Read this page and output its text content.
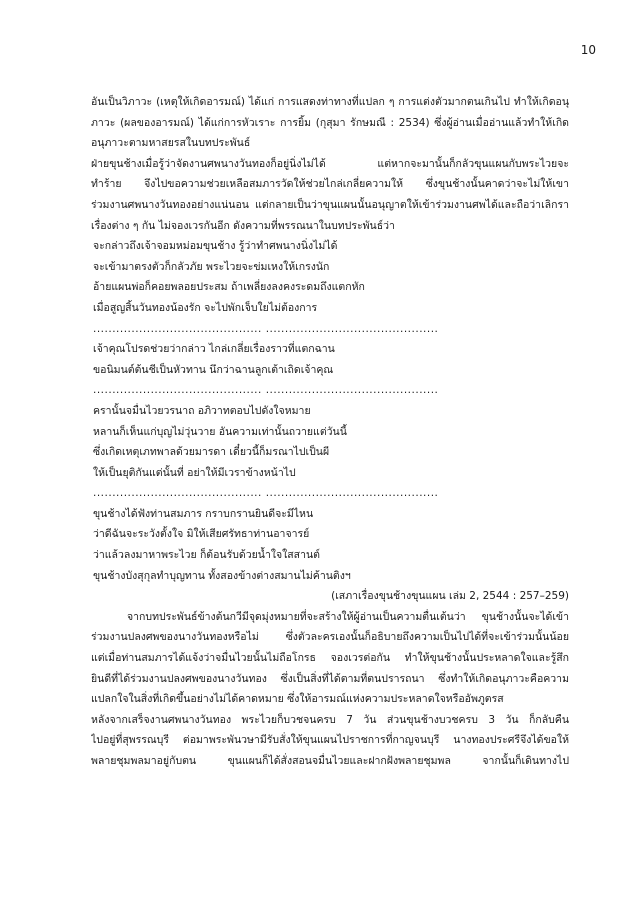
10
อันเป็นวิภาวะ (เหตุให้เกิดอารมณ์) ได้แก่ การแสดงท่าทางที่แปลก ๆ การแต่งตัวมากตนเกินไป ทำให้เกิดอนุ
ภาวะ (ผลของอารมณ์) ได้แก่การหัวเราะ การยิ้ม (กุสุมา รักษมณี : 2534) ซึ่งผู้อ่านเมื่ออ่านแล้วทำให้เกิด
อนุภาวะตามหาสยรสในบทประพันธ์
ฝ่ายขุนช้างเมื่อรู้ว่าจัดงานศพนางวันทองก็อยู่นิ่งไม่ได้ แต่หากจะมานั้นก็กลัวขุนแผนกับพระไวยจะ
ทำร้าย จึงไปขอความช่วยเหลือสมภารวัดให้ช่วยไกล่เกลี่ยความให้ ซึ่งขุนช้างนั้นคาดว่าจะไม่ให้เขา
ร่วมงานศพนางวันทองอย่างแน่นอน แต่กลายเป็นว่าขุนแผนนั้นอนุญาตให้เข้าร่วมงานศพได้และถือว่าเลิกรา
เรื่องต่าง ๆ กัน ไม่จองเวรกันอีก ดังความที่พรรณนาในบทประพันธ์ว่า
จะกล่าวถึงเจ้าจอมหม่อมขุนช้าง รู้ว่าทำศพนางนิ่งไม่ได้
จะเข้ามาตรงตัวก็กลัวภัย พระไวยจะข่มเหงให้เกรงนัก
อ้ายแผนพ่อก็คอยพลอยประสม ถ้าเพลี่ยงลงคงระดมถึงแตกหัก
เมื่อสูญสิ้นวันทองน้องรัก จะไปพักเจ็บใยไม่ต้องการ
............................................ .............................................
เจ้าคุณโปรดช่วยว่ากล่าว ไกล่เกลี่ยเรื่องราวที่แตกฉาน
ขอนิมนต์ต้นชีเป็นหัวทาน นึกว่าฉานลูกเต้าเถิดเจ้าคุณ
............................................ .............................................
ครานั้นจมื่นไวยวรนาถ อภิวาทตอบไปดังใจหมาย
หลานก็เห็นแก่บุญไม่วุ่นวาย อันความเท่านั้นถวายแต่วันนี้
ซึ่งเกิดเหตุเภทพาลด้วยมารดา เดี๋ยวนี้ก็มรณาไปเป็นผี
ให้เป็นยุติกันแต่นั้นที่ อย่าให้มีเวราข้างหน้าไป
............................................ .............................................
ขุนช้างได้ฟังท่านสมภาร กราบกรานยินดีจะมีไหน
ว่าดีฉันจะระวังตั้งใจ มิให้เสียศรัทธาท่านอาจารย์
ว่าแล้วลงมาหาพระไวย ก็ต้อนรับด้วยน้ำใจใสสานต์
ขุนช้างบังสุกุลทำบุญทาน ทั้งสองข้างต่างสมานไม่ค้านติงฯ
(เสภาเรื่องขุนช้างขุนแผน เล่ม 2, 2544 : 257–259)
จากบทประพันธ์ข้างต้นกวีมีจุดมุ่งหมายที่จะสร้างให้ผู้อ่านเป็นความตื่นเต้นว่า ขุนช้างนั้นจะได้เข้า
ร่วมงานปลงศพของนางวันทองหรือไม่ ซึ่งตัวละครเองนั้นก็อธิบายถึงความเป็นไปได้ที่จะเข้าร่วมนั้นน้อย
แต่เมื่อท่านสมภารได้แจ้งว่าจมื่นไวยนั้นไม่ถือโกรธ จองเวรต่อกัน ทำให้ขุนช้างนั้นประหลาดใจและรู้สึก
ยินดีที่ได้ร่วมงานปลงศพของนางวันทอง ซึ่งเป็นสิ่งที่ได้ตามที่ตนปรารถนา ซึ่งทำให้เกิดอนุภาวะคือความ
แปลกใจในสิ่งที่เกิดขึ้นอย่างไม่ได้คาดหมาย ซึ่งให้อารมณ์แห่งความประหลาดใจหรืออัพภูตรส
หลังจากเสร็จงานศพนางวันทอง พระไวยก็บวชจนครบ 7 วัน ส่วนขุนช้างบวชครบ 3 วัน ก็กลับคืน
ไปอยู่ที่สุพรรณบุรี ต่อมาพระพันวษามีรับสั่งให้ขุนแผนไปราชการที่กาญจนบุรี นางทองประศรีจึงได้ขอให้
พลายชุมพลมาอยู่กับตน ขุนแผนก็ได้สั่งสอนจมื่นไวยและฝากฝังพลายชุมพล จากนั้นก็เดินทางไป
